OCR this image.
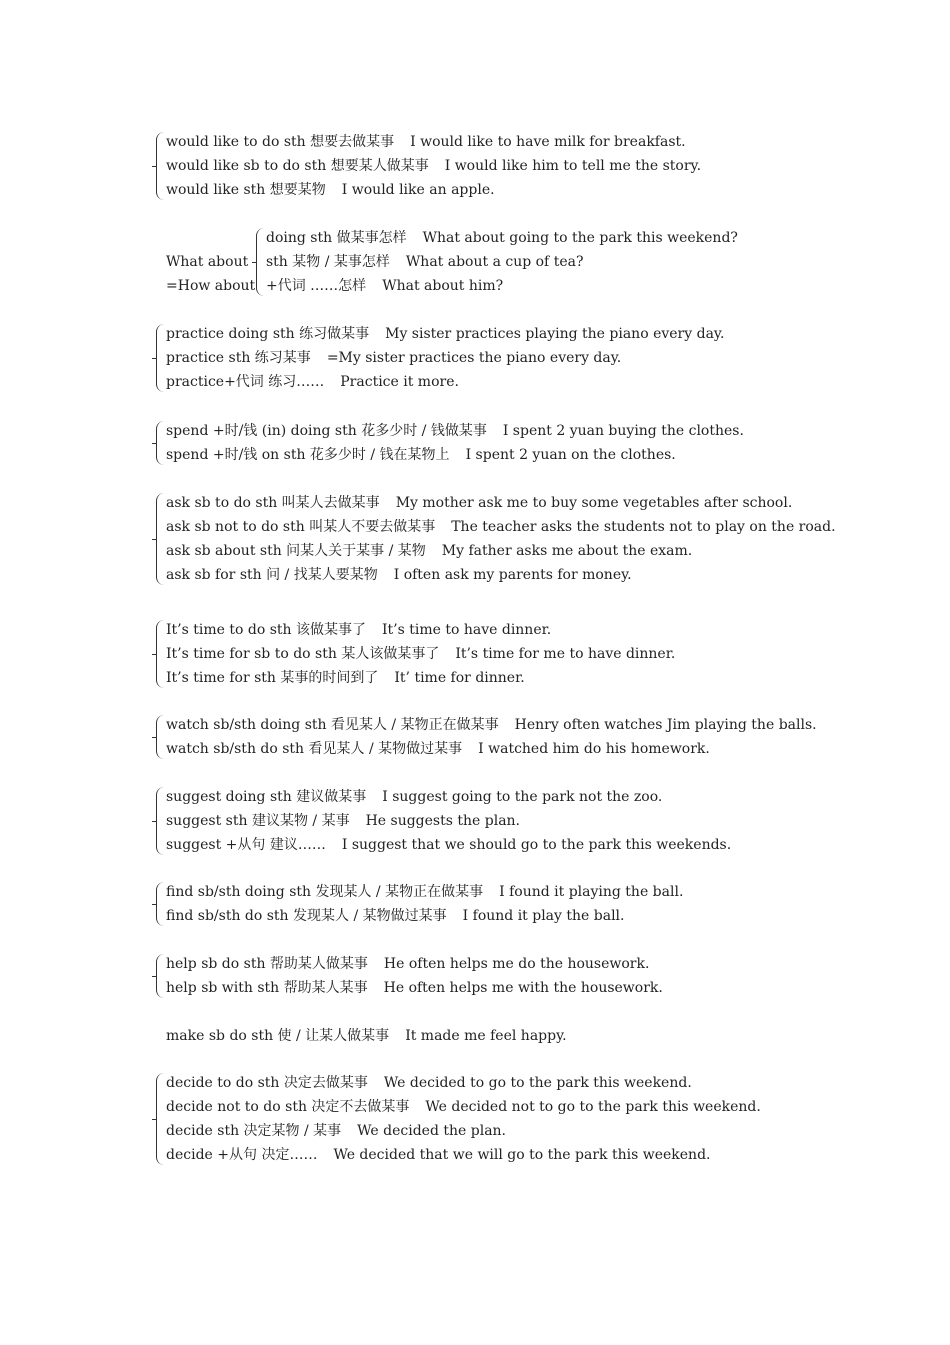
would like to do sth 想要去做某事 I would like to have milk for breakfast.
would like sb to do sth 想要某人做某事 I would like him to tell me the story.
would like sth 想要某物 I would like an apple.
What about
=How about
doing sth 做某事怎样 What about going to the park this weekend?
sth 某物 / 某事怎样 What about a cup of tea?
+代词 ……怎样 What about him?
practice doing sth 练习做某事 My sister practices playing the piano every day.
practice sth 练习某事 =My sister practices the piano every day.
practice+代词 练习…… Practice it more.
spend +时/钱 (in) doing sth 花多少时 / 钱做某事 I spent 2 yuan buying the clothes.
spend +时/钱 on sth 花多少时 / 钱在某物上 I spent 2 yuan on the clothes.
ask sb to do sth 叫某人去做某事 My mother ask me to buy some vegetables after school.
ask sb not to do sth 叫某人不要去做某事 The teacher asks the students not to play on the road.
ask sb about sth 问某人关于某事 / 某物 My father asks me about the exam.
ask sb for sth 问 / 找某人要某物 I often ask my parents for money.
It’s time to do sth 该做某事了 It’s time to have dinner.
It’s time for sb to do sth 某人该做某事了 It’s time for me to have dinner.
It’s time for sth 某事的时间到了 It’ time for dinner.
watch sb/sth doing sth 看见某人 / 某物正在做某事 Henry often watches Jim playing the balls.
watch sb/sth do sth 看见某人 / 某物做过某事 I watched him do his homework.
suggest doing sth 建议做某事 I suggest going to the park not the zoo.
suggest sth 建议某物 / 某事 He suggests the plan.
suggest +从句 建议…… I suggest that we should go to the park this weekends.
find sb/sth doing sth 发现某人 / 某物正在做某事 I found it playing the ball.
find sb/sth do sth 发现某人 / 某物做过某事 I found it play the ball.
help sb do sth 帮助某人做某事 He often helps me do the housework.
help sb with sth 帮助某人某事 He often helps me with the housework.
make sb do sth 使 / 让某人做某事 It made me feel happy.
decide to do sth 决定去做某事 We decided to go to the park this weekend.
decide not to do sth 决定不去做某事 We decided not to go to the park this weekend.
decide sth 决定某物 / 某事 We decided the plan.
decide +从句 决定…… We decided that we will go to the park this weekend.
